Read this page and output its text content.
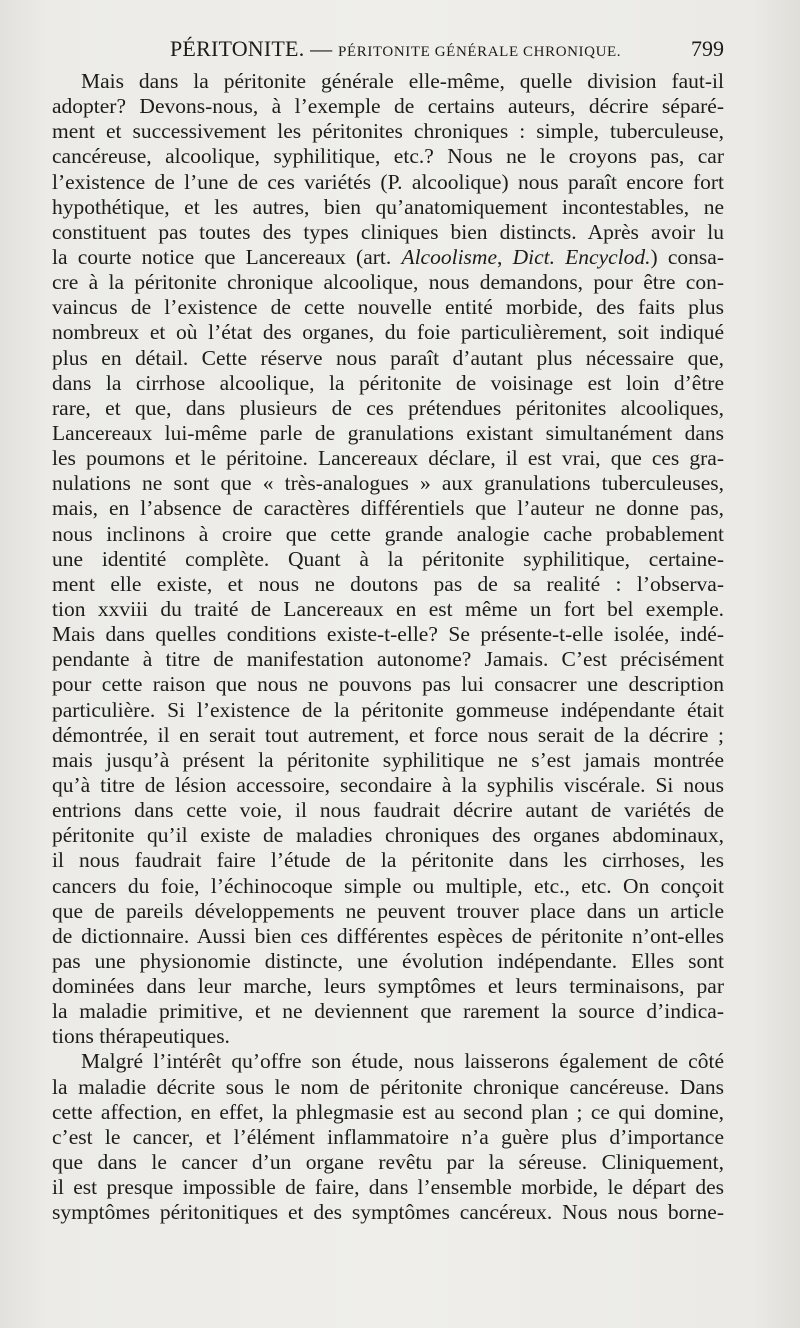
PÉRITONITE. — PÉRITONITE GÉNÉRALE CHRONIQUE.	799
Mais dans la péritonite générale elle-même, quelle division faut-il
adopter? Devons-nous, à l’exemple de certains auteurs, décrire séparé-
ment et successivement les péritonites chroniques : simple, tuberculeuse,
cancéreuse, alcoolique, syphilitique, etc.? Nous ne le croyons pas, car
l’existence de l’une de ces variétés (P. alcoolique) nous paraît encore fort
hypothétique, et les autres, bien qu’anatomiquement incontestables, ne
constituent pas toutes des types cliniques bien distincts. Après avoir lu
la courte notice que Lancereaux (art. Alcoolisme, Dict. Encyclod.) consa-
cre à la péritonite chronique alcoolique, nous demandons, pour être con-
vaincus de l’existence de cette nouvelle entité morbide, des faits plus
nombreux et où l’état des organes, du foie particulièrement, soit indiqué
plus en détail. Cette réserve nous paraît d’autant plus nécessaire que,
dans la cirrhose alcoolique, la péritonite de voisinage est loin d’être
rare, et que, dans plusieurs de ces prétendues péritonites alcooliques,
Lancereaux lui-même parle de granulations existant simultanément dans
les poumons et le péritoine. Lancereaux déclare, il est vrai, que ces gra-
nulations ne sont que « très-analogues » aux granulations tuberculeuses,
mais, en l’absence de caractères différentiels que l’auteur ne donne pas,
nous inclinons à croire que cette grande analogie cache probablement
une identité complète. Quant à la péritonite syphilitique, certaine-
ment elle existe, et nous ne doutons pas de sa realité : l’observa-
tion xxviii du traité de Lancereaux en est même un fort bel exemple.
Mais dans quelles conditions existe-t-elle? Se présente-t-elle isolée, indé-
pendante à titre de manifestation autonome? Jamais. C’est précisément
pour cette raison que nous ne pouvons pas lui consacrer une description
particulière. Si l’existence de la péritonite gommeuse indépendante était
démontrée, il en serait tout autrement, et force nous serait de la décrire ;
mais jusqu’à présent la péritonite syphilitique ne s’est jamais montrée
qu’à titre de lésion accessoire, secondaire à la syphilis viscérale. Si nous
entrions dans cette voie, il nous faudrait décrire autant de variétés de
péritonite qu’il existe de maladies chroniques des organes abdominaux,
il nous faudrait faire l’étude de la péritonite dans les cirrhoses, les
cancers du foie, l’échinocoque simple ou multiple, etc., etc. On conçoit
que de pareils développements ne peuvent trouver place dans un article
de dictionnaire. Aussi bien ces différentes espèces de péritonite n’ont-elles
pas une physionomie distincte, une évolution indépendante. Elles sont
dominées dans leur marche, leurs symptômes et leurs terminaisons, par
la maladie primitive, et ne deviennent que rarement la source d’indica-
tions thérapeutiques.
Malgré l’intérêt qu’offre son étude, nous laisserons également de côté
la maladie décrite sous le nom de péritonite chronique cancéreuse. Dans
cette affection, en effet, la phlegmasie est au second plan ; ce qui domine,
c’est le cancer, et l’élément inflammatoire n’a guère plus d’importance
que dans le cancer d’un organe revêtu par la séreuse. Cliniquement,
il est presque impossible de faire, dans l’ensemble morbide, le départ des
symptômes péritonitiques et des symptômes cancéreux. Nous nous borne-
